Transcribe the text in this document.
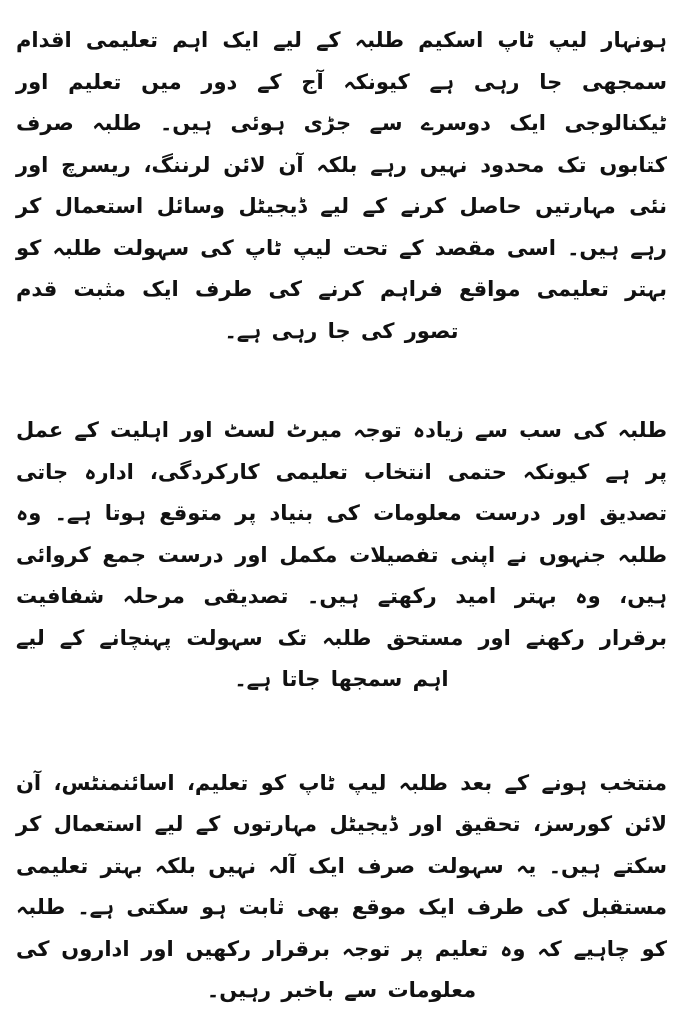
ہونہار لیپ ٹاپ اسکیم طلبہ کے لیے ایک اہم تعلیمی اقدام سمجھی جا رہی ہے کیونکہ آج کے دور میں تعلیم اور ٹیکنالوجی ایک دوسرے سے جڑی ہوئی ہیں۔ طلبہ صرف کتابوں تک محدود نہیں رہے بلکہ آن لائن لرننگ، ریسرچ اور نئی مہارتیں حاصل کرنے کے لیے ڈیجیٹل وسائل استعمال کر رہے ہیں۔ اسی مقصد کے تحت لیپ ٹاپ کی سہولت طلبہ کو بہتر تعلیمی مواقع فراہم کرنے کی طرف ایک مثبت قدم تصور کی جا رہی ہے۔

طلبہ کی سب سے زیادہ توجہ میرٹ لسٹ اور اہلیت کے عمل پر ہے کیونکہ حتمی انتخاب تعلیمی کارکردگی، ادارہ جاتی تصدیق اور درست معلومات کی بنیاد پر متوقع ہوتا ہے۔ وہ طلبہ جنہوں نے اپنی تفصیلات مکمل اور درست جمع کروائی ہیں، وہ بہتر امید رکھتے ہیں۔ تصدیقی مرحلہ شفافیت برقرار رکھنے اور مستحق طلبہ تک سہولت پہنچانے کے لیے اہم سمجھا جاتا ہے۔

منتخب ہونے کے بعد طلبہ لیپ ٹاپ کو تعلیم، اسائنمنٹس، آن لائن کورسز، تحقیق اور ڈیجیٹل مہارتوں کے لیے استعمال کر سکتے ہیں۔ یہ سہولت صرف ایک آلہ نہیں بلکہ بہتر تعلیمی مستقبل کی طرف ایک موقع بھی ثابت ہو سکتی ہے۔ طلبہ کو چاہیے کہ وہ تعلیم پر توجہ برقرار رکھیں اور اداروں کی معلومات سے باخبر رہیں۔
